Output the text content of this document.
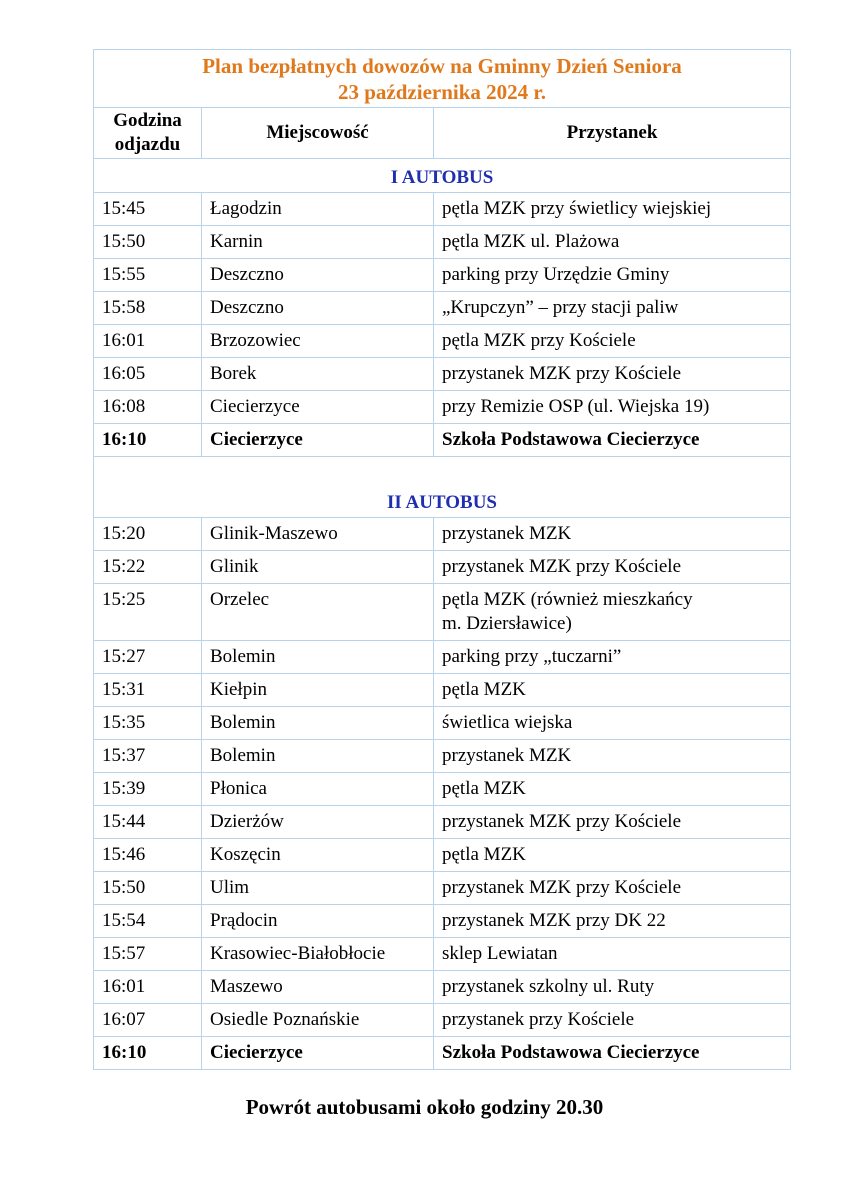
Plan bezpłatnych dowozów na Gminny Dzień Seniora
23 października 2024 r.		

Godzina
odjazdu	Miejscowość	Przystanek
I AUTOBUS		

15:45	Łagodzin	pętla MZK przy świetlicy wiejskiej

15:50	Karnin	pętla MZK ul. Plażowa

15:55	Deszczno	parking przy Urzędzie Gminy

15:58	Deszczno	„Krupczyn” – przy stacji paliw

16:01	Brzozowiec	pętla MZK przy Kościele

16:05	Borek	przystanek MZK przy Kościele

16:08	Ciecierzyce	przy Remizie OSP (ul. Wiejska 19)

16:10	Ciecierzyce	Szkoła Podstawowa Ciecierzyce

II AUTOBUS		

15:20	Glinik-Maszewo	przystanek MZK

15:22	Glinik	przystanek MZK przy Kościele

15:25	Orzelec	pętla MZK (również mieszkańcy
m. Dziersławice)

15:27	Bolemin	parking przy „tuczarni”

15:31	Kiełpin	pętla MZK

15:35	Bolemin	świetlica wiejska

15:37	Bolemin	przystanek MZK

15:39	Płonica	pętla MZK

15:44	Dzierżów	przystanek MZK przy Kościele

15:46	Koszęcin	pętla MZK

15:50	Ulim	przystanek MZK przy Kościele

15:54	Prądocin	przystanek MZK przy DK 22

15:57	Krasowiec-Białobłocie	sklep Lewiatan

16:01	Maszewo	przystanek szkolny ul. Ruty

16:07	Osiedle Poznańskie	przystanek przy Kościele

16:10	Ciecierzyce	Szkoła Podstawowa Ciecierzyce
Powrót autobusami około godziny 20.30
